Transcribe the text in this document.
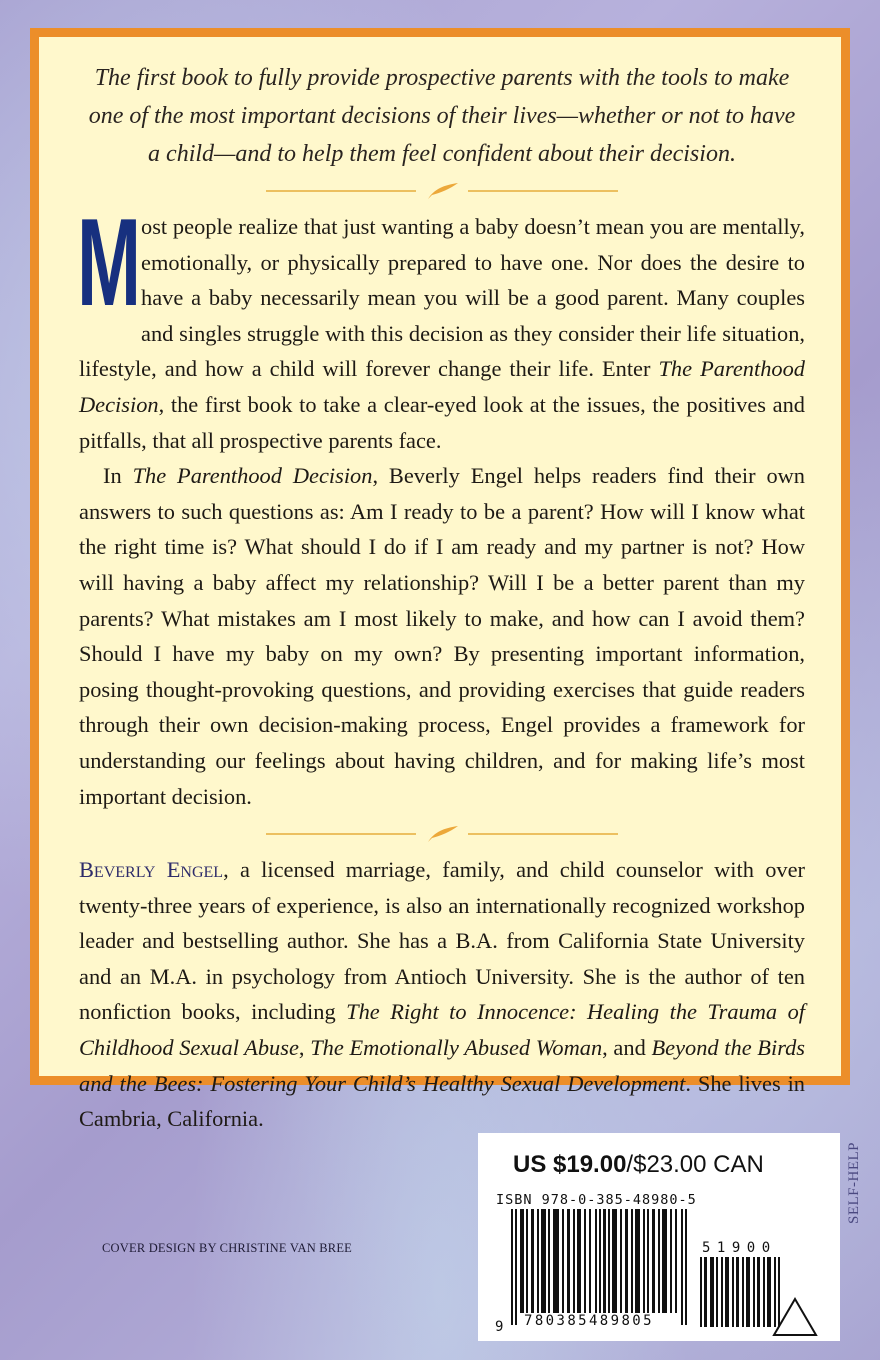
The first book to fully provide prospective parents with the tools to make one of the most important decisions of their lives—whether or not to have a child—and to help them feel confident about their decision.

Most people realize that just wanting a baby doesn’t mean you are mentally, emotionally, or physically prepared to have one. Nor does the desire to have a baby necessarily mean you will be a good parent. Many couples and singles struggle with this decision as they consider their life situation, lifestyle, and how a child will forever change their life. Enter The Parenthood Decision, the first book to take a clear-eyed look at the issues, the positives and pitfalls, that all prospective parents face.

In The Parenthood Decision, Beverly Engel helps readers find their own answers to such questions as: Am I ready to be a parent? How will I know what the right time is? What should I do if I am ready and my partner is not? How will having a baby affect my relationship? Will I be a better parent than my parents? What mistakes am I most likely to make, and how can I avoid them? Should I have my baby on my own? By presenting important information, posing thought-provoking questions, and providing exercises that guide readers through their own decision-making process, Engel provides a framework for understanding our feelings about having children, and for making life’s most important decision.

Beverly Engel, a licensed marriage, family, and child counselor with over twenty-three years of experience, is also an internationally recognized workshop leader and bestselling author. She has a B.A. from California State University and an M.A. in psychology from Antioch University. She is the author of ten nonfiction books, including The Right to Innocence: Healing the Trauma of Childhood Sexual Abuse, The Emotionally Abused Woman, and Beyond the Birds and the Bees: Fostering Your Child’s Healthy Sexual Development. She lives in Cambria, California.

US $19.00/$23.00 CAN
ISBN 978-0-385-48980-5
9 780385489805
51900
SELF-HELP
COVER DESIGN BY CHRISTINE VAN BREE
